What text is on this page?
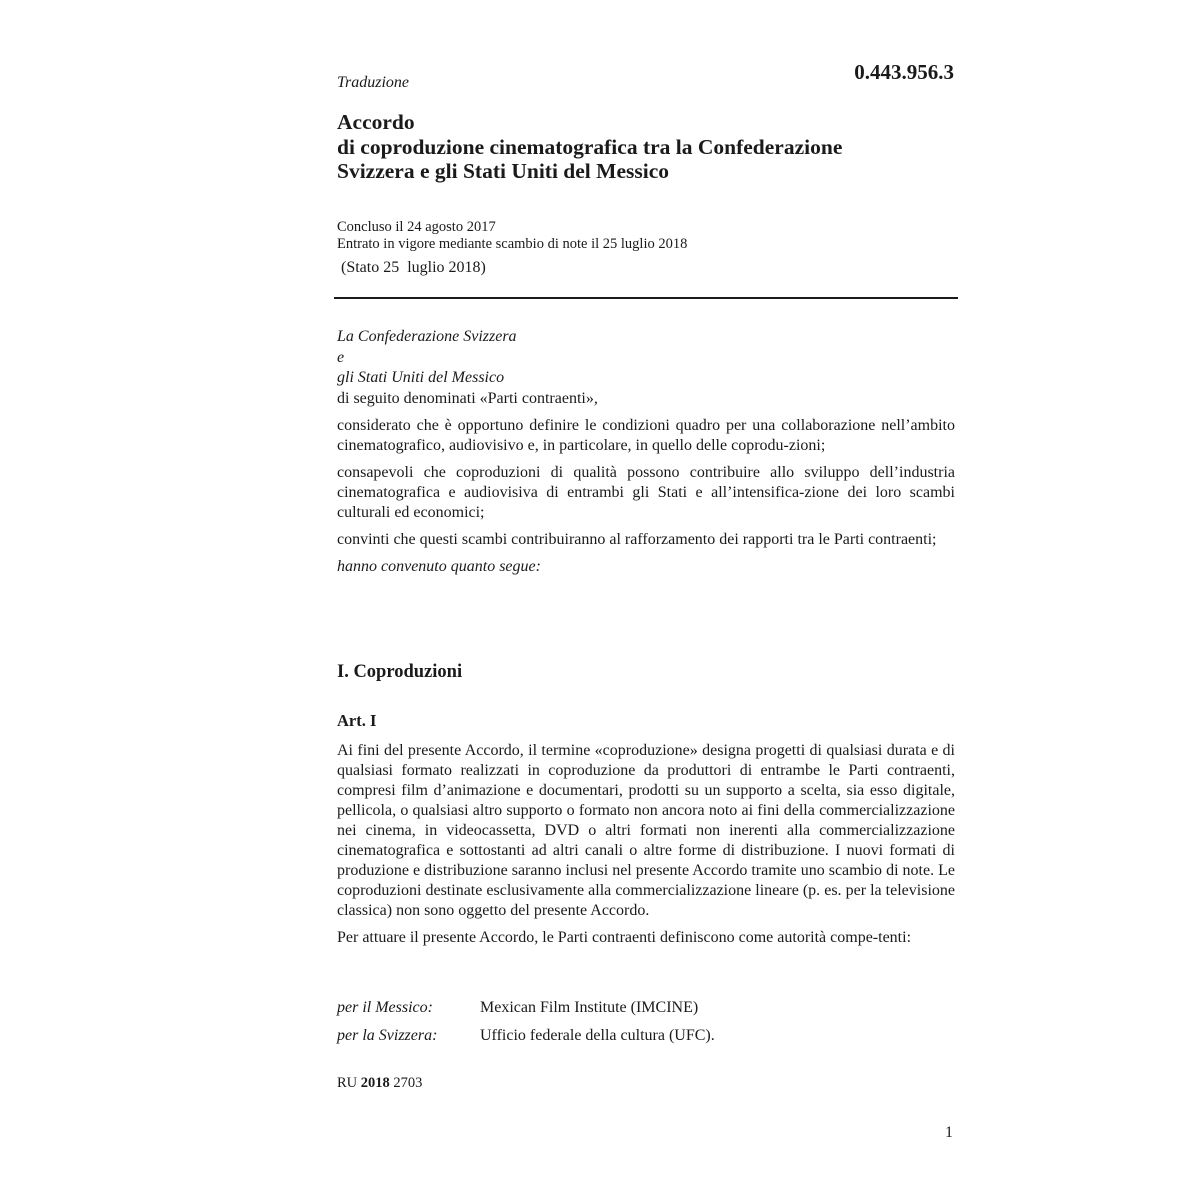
0.443.956.3
Traduzione
Accordo
di coproduzione cinematografica tra la Confederazione
Svizzera e gli Stati Uniti del Messico
Concluso il 24 agosto 2017
Entrato in vigore mediante scambio di note il 25 luglio 2018
(Stato 25  luglio 2018)
La Confederazione Svizzera
e
gli Stati Uniti del Messico
di seguito denominati «Parti contraenti»,

considerato che è opportuno definire le condizioni quadro per una collaborazione nell’ambito cinematografico, audiovisivo e, in particolare, in quello delle coprodu-zioni;

consapevoli che coproduzioni di qualità possono contribuire allo sviluppo dell’industria cinematografica e audiovisiva di entrambi gli Stati e all’intensifica-zione dei loro scambi culturali ed economici;

convinti che questi scambi contribuiranno al rafforzamento dei rapporti tra le Parti contraenti;

hanno convenuto quanto segue:

I. Coproduzioni
Art. I

Ai fini del presente Accordo, il termine «coproduzione» designa progetti di qualsiasi durata e di qualsiasi formato realizzati in coproduzione da produttori di entrambe le Parti contraenti, compresi film d’animazione e documentari, prodotti su un supporto a scelta, sia esso digitale, pellicola, o qualsiasi altro supporto o formato non ancora noto ai fini della commercializzazione nei cinema, in videocassetta, DVD o altri formati non inerenti alla commercializzazione cinematografica e sottostanti ad altri canali o altre forme di distribuzione. I nuovi formati di produzione e distribuzione saranno inclusi nel presente Accordo tramite uno scambio di note. Le coproduzioni destinate esclusivamente alla commercializzazione lineare (p. es. per la televisione classica) non sono oggetto del presente Accordo.

Per attuare il presente Accordo, le Parti contraenti definiscono come autorità compe-tenti:

per il Messico:	Mexican Film Institute (IMCINE)
per la Svizzera:	Ufficio federale della cultura (UFC).
RU 2018 2703
1
